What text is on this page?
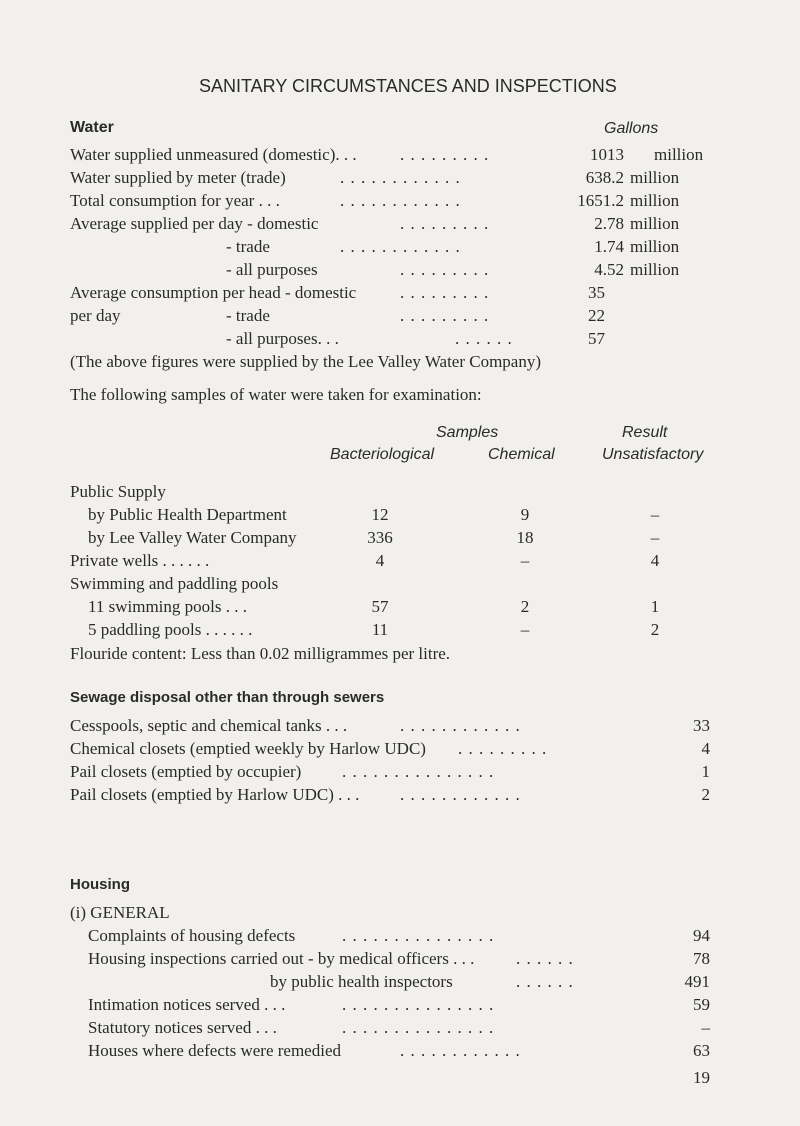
SANITARY CIRCUMSTANCES AND INSPECTIONS
Water	Gallons
Water supplied unmeasured (domestic). . .	. . . . . . . . .	1013 million
Water supplied by meter (trade)	. . . . . . . . . . . .	638.2 million
Total consumption for year . . .	. . . . . . . . . . . .	1651.2 million
Average supplied per day - domestic	. . . . . . . . .	2.78 million
- trade	. . . . . . . . . . . .	1.74 million
- all purposes	. . . . . . . . .	4.52 million
Average consumption per head - domestic	. . . . . . . . .	35
per day	- trade	. . . . . . . . .	22
- all purposes. . .	. . . . . .	57
(The above figures were supplied by the Lee Valley Water Company)
The following samples of water were taken for examination:
Samples	Result
Bacteriological	Chemical	Unsatisfactory
Public Supply
by Public Health Department	12	9	–
by Lee Valley Water Company	336	18	–
Private wells . . . . . .	4	–	4
Swimming and paddling pools
11 swimming pools . . .	57	2	1
5 paddling pools . . . . . .	11	–	2
Flouride content: Less than 0.02 milligrammes per litre.
Sewage disposal other than through sewers
Cesspools, septic and chemical tanks . . .	. . . . . . . . . . . .	33
Chemical closets (emptied weekly by Harlow UDC) . . . . . . . . .	4
Pail closets (emptied by occupier) . . . . . . . . . . . . . . .	1
Pail closets (emptied by Harlow UDC) . . . . . . . . . . . . . . .	2
Housing
(i) GENERAL
Complaints of housing defects	. . . . . . . . . . . . . . .	94
Housing inspections carried out - by medical officers . . . . . . . . .	78
by public health inspectors	. . . . . .	491
Intimation notices served . . .	. . . . . . . . . . . . . . .	59
Statutory notices served . . .	. . . . . . . . . . . . . . .	–
Houses where defects were remedied	. . . . . . . . . . . .	63
19
